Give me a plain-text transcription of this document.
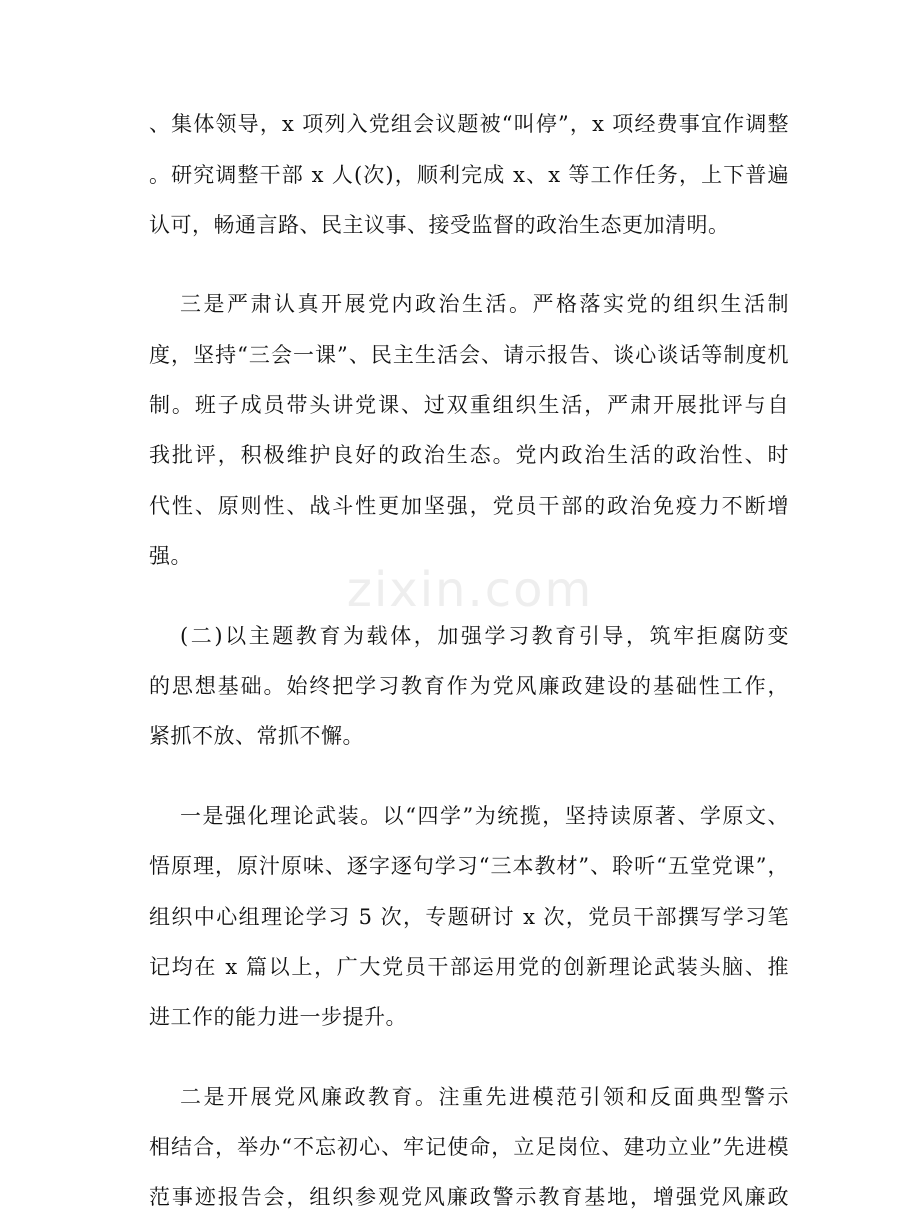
zixin.com
、集体领导，x 项列入党组会议题被“叫停”，x 项经费事宜作调整
。研究调整干部 x 人(次)，顺利完成 x、x 等工作任务，上下普遍
认可，畅通言路、民主议事、接受监督的政治生态更加清明。
三是严肃认真开展党内政治生活。严格落实党的组织生活制
度，坚持“三会一课”、民主生活会、请示报告、谈心谈话等制度机
制。班子成员带头讲党课、过双重组织生活，严肃开展批评与自
我批评，积极维护良好的政治生态。党内政治生活的政治性、时
代性、原则性、战斗性更加坚强，党员干部的政治免疫力不断增
强。
(二)以主题教育为载体，加强学习教育引导，筑牢拒腐防变
的思想基础。始终把学习教育作为党风廉政建设的基础性工作，
紧抓不放、常抓不懈。
一是强化理论武装。以“四学”为统揽，坚持读原著、学原文、
悟原理，原汁原味、逐字逐句学习“三本教材”、聆听“五堂党课”，
组织中心组理论学习 5 次，专题研讨 x 次，党员干部撰写学习笔
记均在 x 篇以上，广大党员干部运用党的创新理论武装头脑、推
进工作的能力进一步提升。
二是开展党风廉政教育。注重先进模范引领和反面典型警示
相结合，举办“不忘初心、牢记使命，立足岗位、建功立业”先进模
范事迹报告会，组织参观党风廉政警示教育基地，增强党风廉政
